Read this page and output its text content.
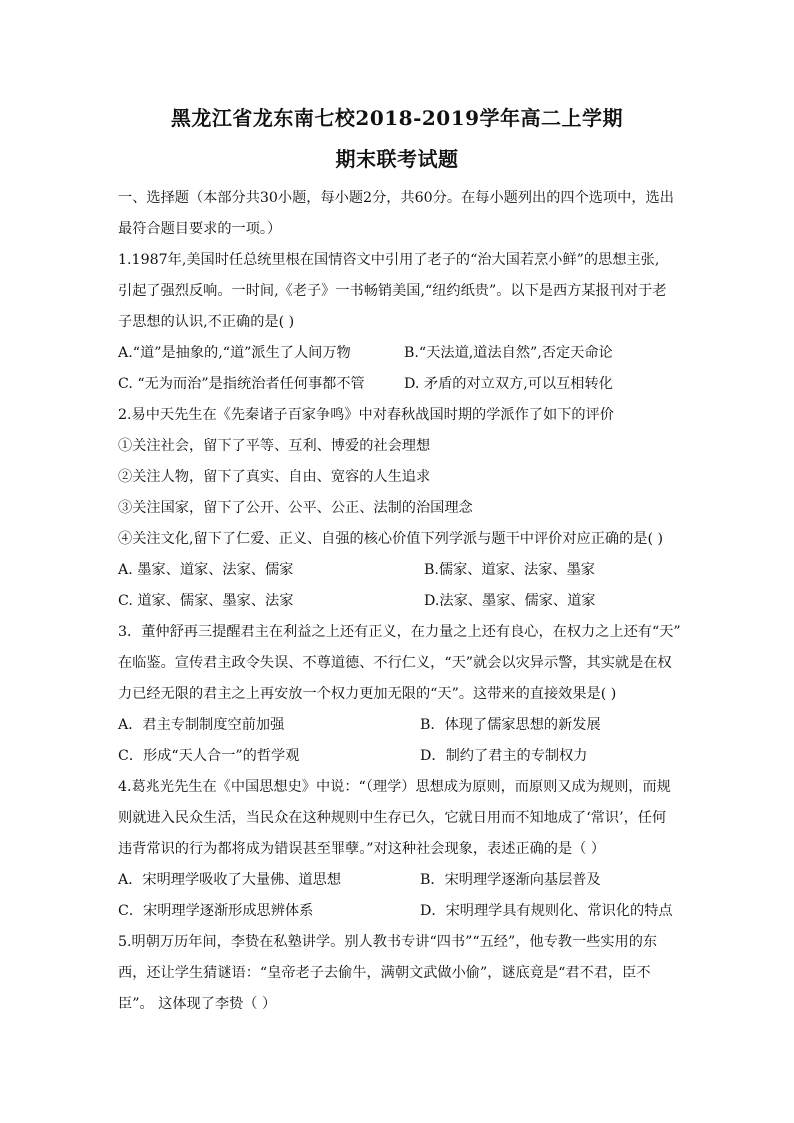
黑龙江省龙东南七校2018-2019学年高二上学期
期末联考试题
一、选择题（本部分共30小题，每小题2分，共60分。在每小题列出的四个选项中，选出
最符合题目要求的一项。）
1.1987年,美国时任总统里根在国情咨文中引用了老子的“治大国若烹小鲜”的思想主张,
引起了强烈反响。一时间,《老子》一书畅销美国,“纽约纸贵”。以下是西方某报刊对于老
子思想的认识,不正确的是( )
A.“道”是抽象的,“道”派生了人间万物	B.“天法道,道法自然”,否定天命论
C. “无为而治”是指统治者任何事都不管	D. 矛盾的对立双方,可以互相转化
2.易中天先生在《先秦诸子百家争鸣》中对春秋战国时期的学派作了如下的评价
①关注社会，留下了平等、互利、博爱的社会理想
②关注人物，留下了真实、自由、宽容的人生追求
③关注国家，留下了公开、公平、公正、法制的治国理念
④关注文化,留下了仁爱、正义、自强的核心价值下列学派与题干中评价对应正确的是( )
A. 墨家、道家、法家、儒家	B.儒家、道家、法家、墨家
C. 道家、儒家、墨家、法家	D.法家、墨家、儒家、道家
3．董仲舒再三提醒君主在利益之上还有正义，在力量之上还有良心，在权力之上还有“天”
在临鉴。宣传君主政令失误、不尊道德、不行仁义，“天”就会以灾异示警，其实就是在权
力已经无限的君主之上再安放一个权力更加无限的“天”。这带来的直接效果是( )
A．君主专制制度空前加强	B．体现了儒家思想的新发展
C．形成“天人合一”的哲学观	D．制约了君主的专制权力
4.葛兆光先生在《中国思想史》中说：“（理学）思想成为原则，而原则又成为规则，而规
则就进入民众生活，当民众在这种规则中生存已久，它就日用而不知地成了‘常识’，任何
违背常识的行为都将成为错误甚至罪孽。”对这种社会现象，表述正确的是（ ）
A．宋明理学吸收了大量佛、道思想	B．宋明理学逐渐向基层普及
C．宋明理学逐渐形成思辨体系	D．宋明理学具有规则化、常识化的特点
5.明朝万历年间，李贽在私塾讲学。别人教书专讲“四书”“五经”，他专教一些实用的东
西，还让学生猜谜语：“皇帝老子去偷牛，满朝文武做小偷”，谜底竟是“君不君，臣不
臣”。 这体现了李贽（ ）
